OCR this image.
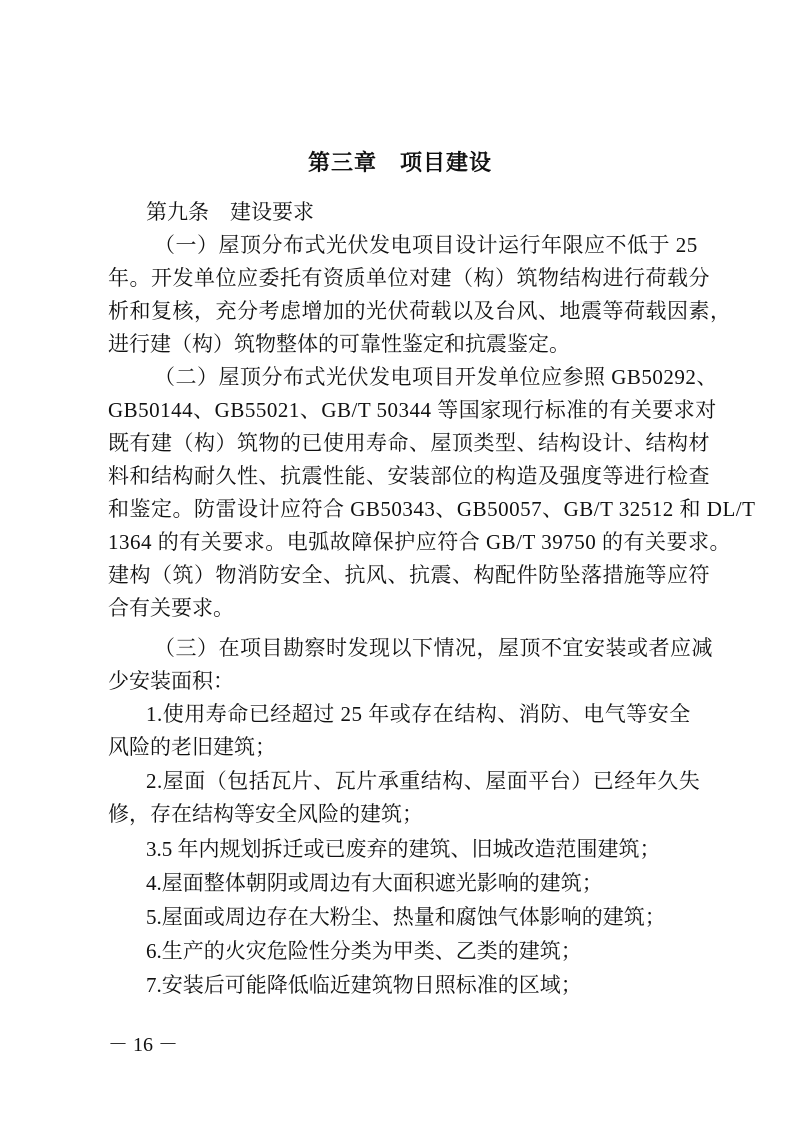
第三章　项目建设
第九条　建设要求
（一）屋顶分布式光伏发电项目设计运行年限应不低于 25
年。开发单位应委托有资质单位对建（构）筑物结构进行荷载分
析和复核，充分考虑增加的光伏荷载以及台风、地震等荷载因素，
进行建（构）筑物整体的可靠性鉴定和抗震鉴定。
（二）屋顶分布式光伏发电项目开发单位应参照 GB50292、
GB50144、GB55021、GB/T 50344 等国家现行标准的有关要求对
既有建（构）筑物的已使用寿命、屋顶类型、结构设计、结构材
料和结构耐久性、抗震性能、安装部位的构造及强度等进行检查
和鉴定。防雷设计应符合 GB50343、GB50057、GB/T 32512 和 DL/T
1364 的有关要求。电弧故障保护应符合 GB/T 39750 的有关要求。
建构（筑）物消防安全、抗风、抗震、构配件防坠落措施等应符
合有关要求。
（三）在项目勘察时发现以下情况，屋顶不宜安装或者应减
少安装面积：
1.使用寿命已经超过 25 年或存在结构、消防、电气等安全
风险的老旧建筑；
2.屋面（包括瓦片、瓦片承重结构、屋面平台）已经年久失
修，存在结构等安全风险的建筑；
3.5 年内规划拆迁或已废弃的建筑、旧城改造范围建筑；
4.屋面整体朝阴或周边有大面积遮光影响的建筑；
5.屋面或周边存在大粉尘、热量和腐蚀气体影响的建筑；
6.生产的火灾危险性分类为甲类、乙类的建筑；
7.安装后可能降低临近建筑物日照标准的区域；
－ 16 －
